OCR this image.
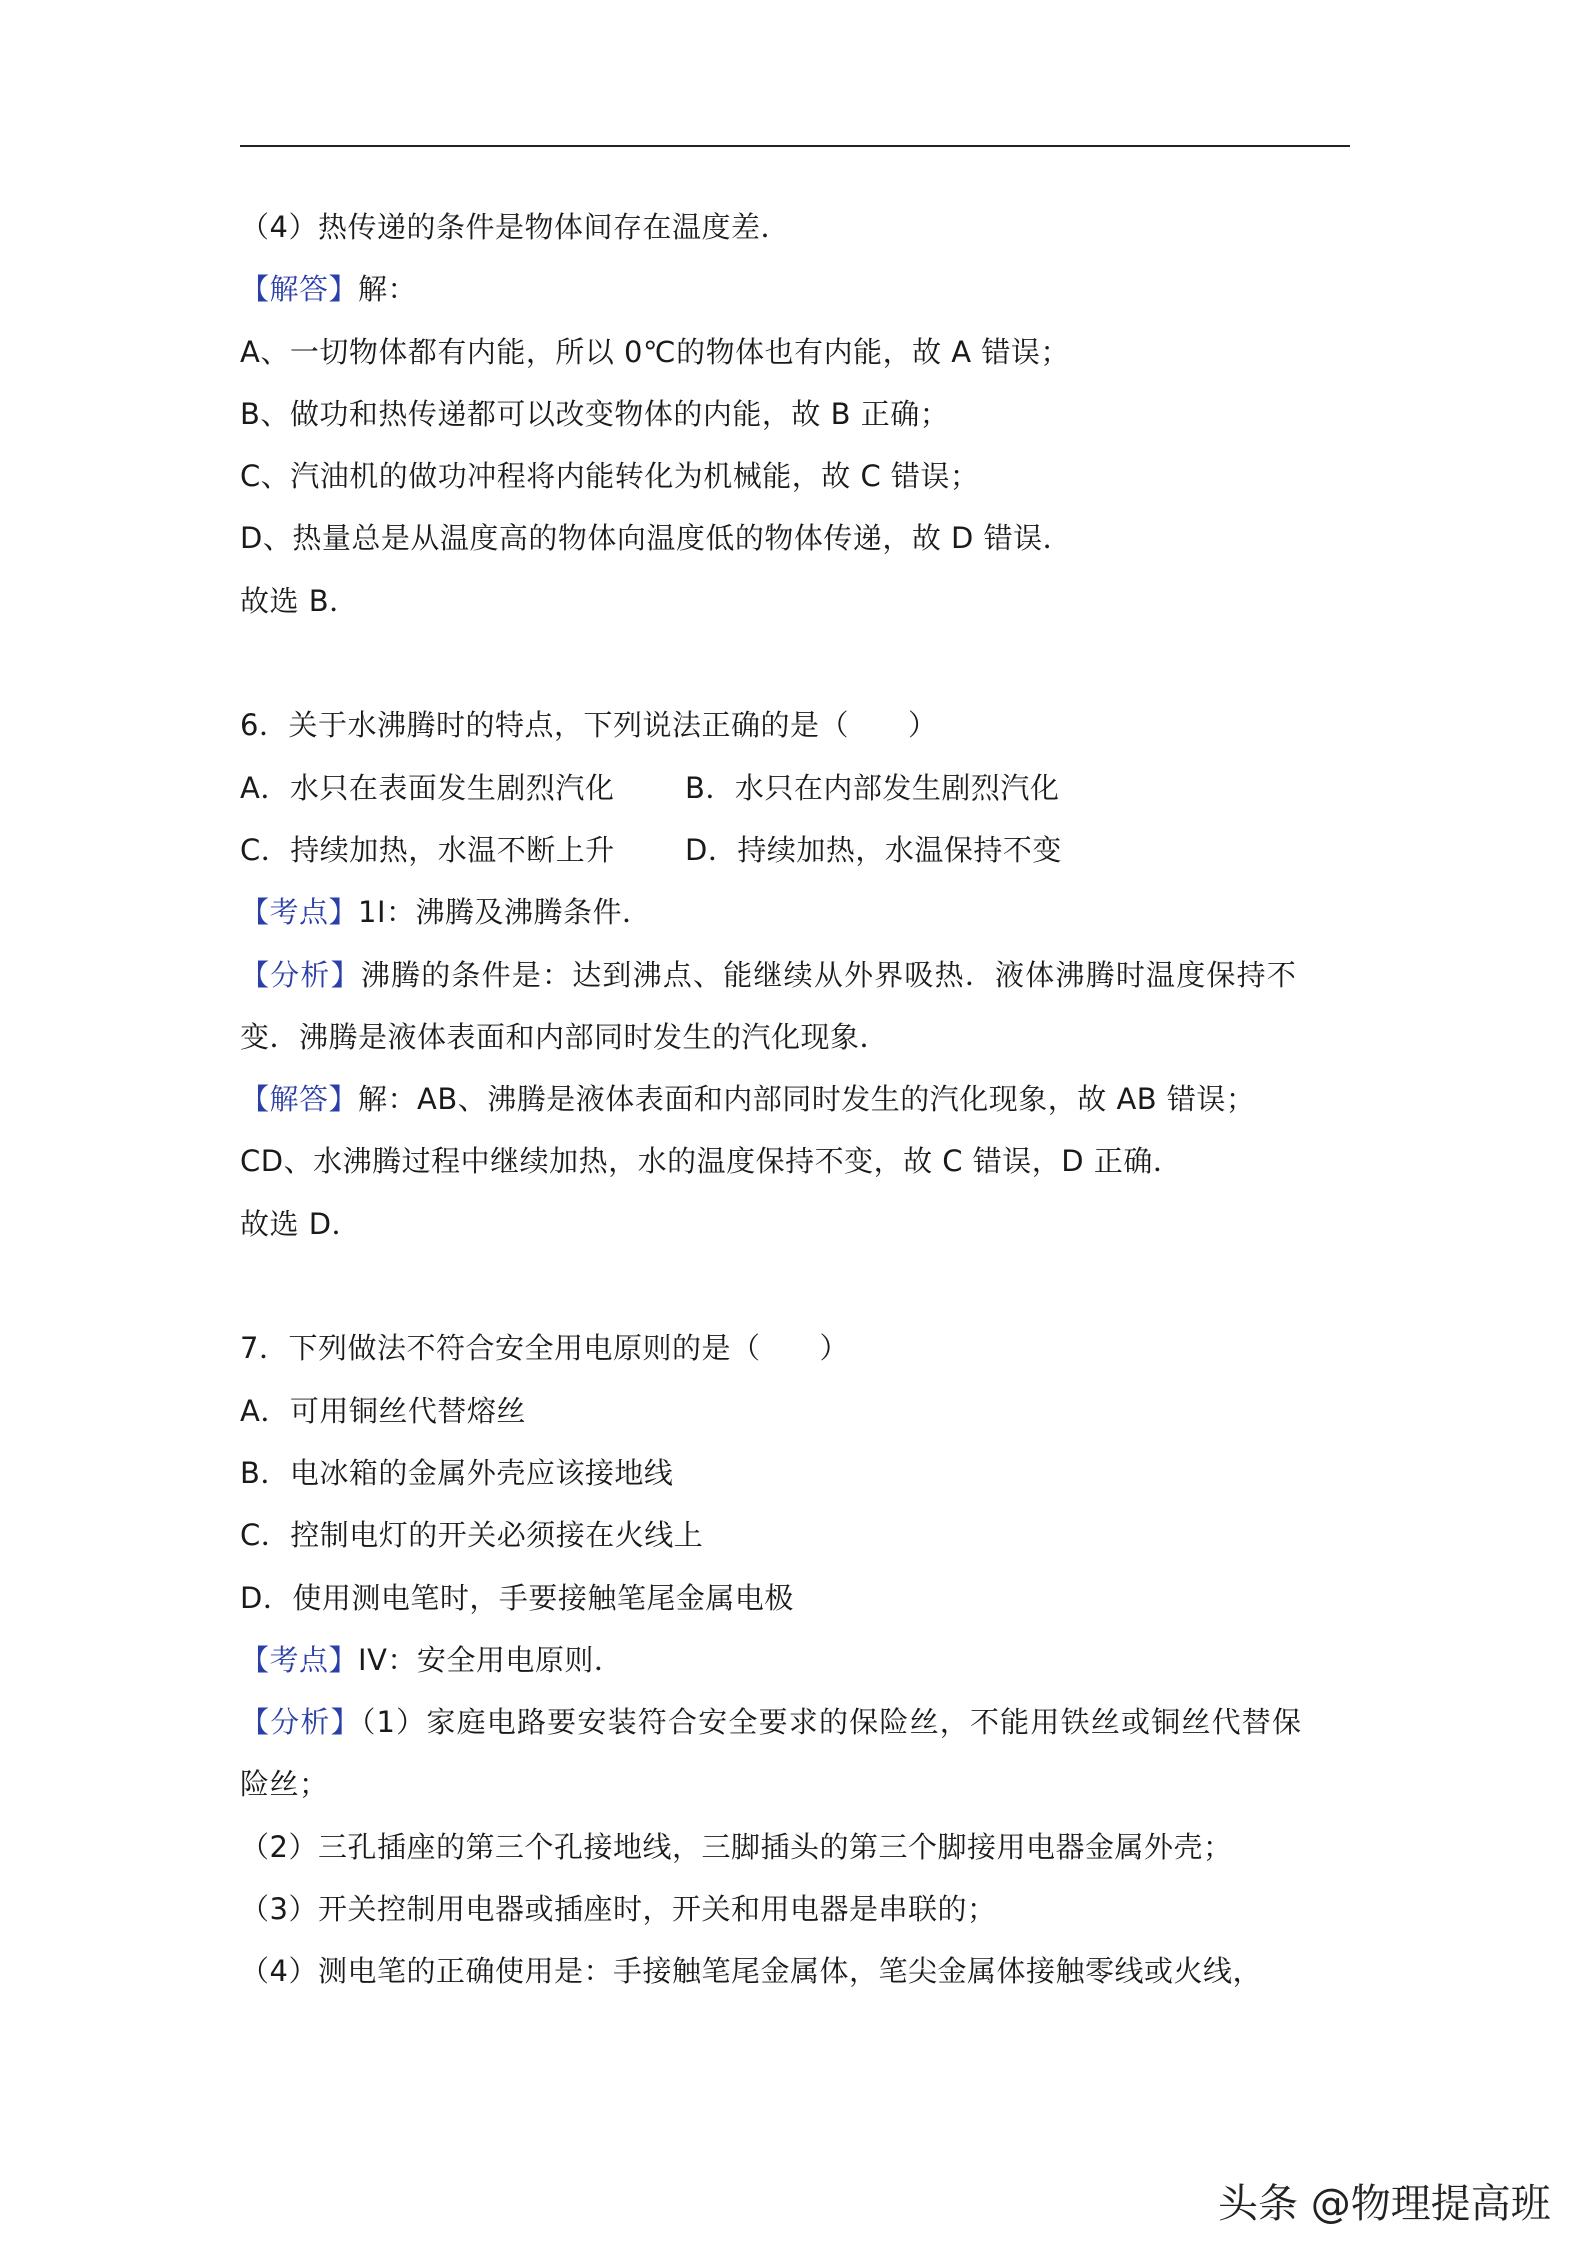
（4）热传递的条件是物体间存在温度差．
【解答】解：
A、一切物体都有内能，所以 0℃的物体也有内能，故 A 错误；
B、做功和热传递都可以改变物体的内能，故 B 正确；
C、汽油机的做功冲程将内能转化为机械能，故 C 错误；
D、热量总是从温度高的物体向温度低的物体传递，故 D 错误．
故选 B．
6．关于水沸腾时的特点，下列说法正确的是（　　）
A．水只在表面发生剧烈汽化	B．水只在内部发生剧烈汽化
C．持续加热，水温不断上升	D．持续加热，水温保持不变
【考点】1I：沸腾及沸腾条件．
【分析】沸腾的条件是：达到沸点、能继续从外界吸热．液体沸腾时温度保持不
变．沸腾是液体表面和内部同时发生的汽化现象．
【解答】解：AB、沸腾是液体表面和内部同时发生的汽化现象，故 AB 错误；
CD、水沸腾过程中继续加热，水的温度保持不变，故 C 错误，D 正确．
故选 D．
7．下列做法不符合安全用电原则的是（　　）
A．可用铜丝代替熔丝
B．电冰箱的金属外壳应该接地线
C．控制电灯的开关必须接在火线上
D．使用测电笔时，手要接触笔尾金属电极
【考点】IV：安全用电原则．
【分析】（1）家庭电路要安装符合安全要求的保险丝，不能用铁丝或铜丝代替保
险丝；
（2）三孔插座的第三个孔接地线，三脚插头的第三个脚接用电器金属外壳；
（3）开关控制用电器或插座时，开关和用电器是串联的；
（4）测电笔的正确使用是：手接触笔尾金属体，笔尖金属体接触零线或火线，
头条 @物理提高班
